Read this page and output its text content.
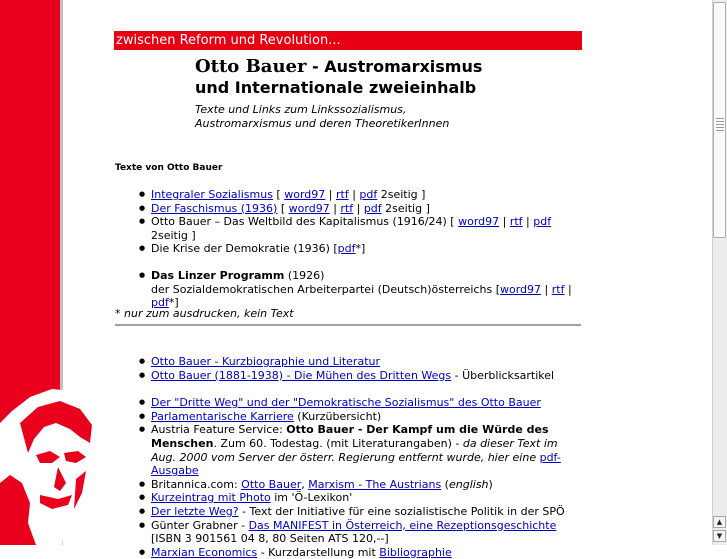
zwischen Reform und Revolution...
Otto Bauer - Austromarxismus
und Internationale zweieinhalb
Texte und Links zum Linkssozialismus,
Austromarxismus und deren TheoretikerInnen
Texte von Otto Bauer
● Integraler Sozialismus [ word97 | rtf | pdf 2seitig ]
● Der Faschismus (1936) [ word97 | rtf | pdf 2seitig ]
● Otto Bauer – Das Weltbild des Kapitalismus (1916/24) [ word97 | rtf | pdf 2seitig ]
● Die Krise der Demokratie (1936) [pdf*]
● Das Linzer Programm (1926)
der Sozialdemokratischen Arbeiterpartei (Deutsch)österreichs [word97 | rtf | pdf*]
* nur zum ausdrucken, kein Text
● Otto Bauer - Kurzbiographie und Literatur
● Otto Bauer (1881-1938) - Die Mühen des Dritten Wegs - Überblicksartikel
● Der "Dritte Weg" und der "Demokratische Sozialismus" des Otto Bauer
● Parlamentarische Karriere (Kurzübersicht)
● Austria Feature Service: Otto Bauer - Der Kampf um die Würde des Menschen. Zum 60. Todestag. (mit Literaturangaben) - da dieser Text im Aug. 2000 vom Server der österr. Regierung entfernt wurde, hier eine pdf-Ausgabe
● Britannica.com: Otto Bauer, Marxism - The Austrians (english)
● Kurzeintrag mit Photo im 'Ö-Lexikon'
● Der letzte Weg? - Text der Initiative für eine sozialistische Politik in der SPÖ
● Günter Grabner - Das MANIFEST in Österreich, eine Rezeptionsgeschichte [ISBN 3 901561 04 8, 80 Seiten ATS 120,--]
● Marxian Economics - Kurzdarstellung mit Bibliographie
▲
▼
